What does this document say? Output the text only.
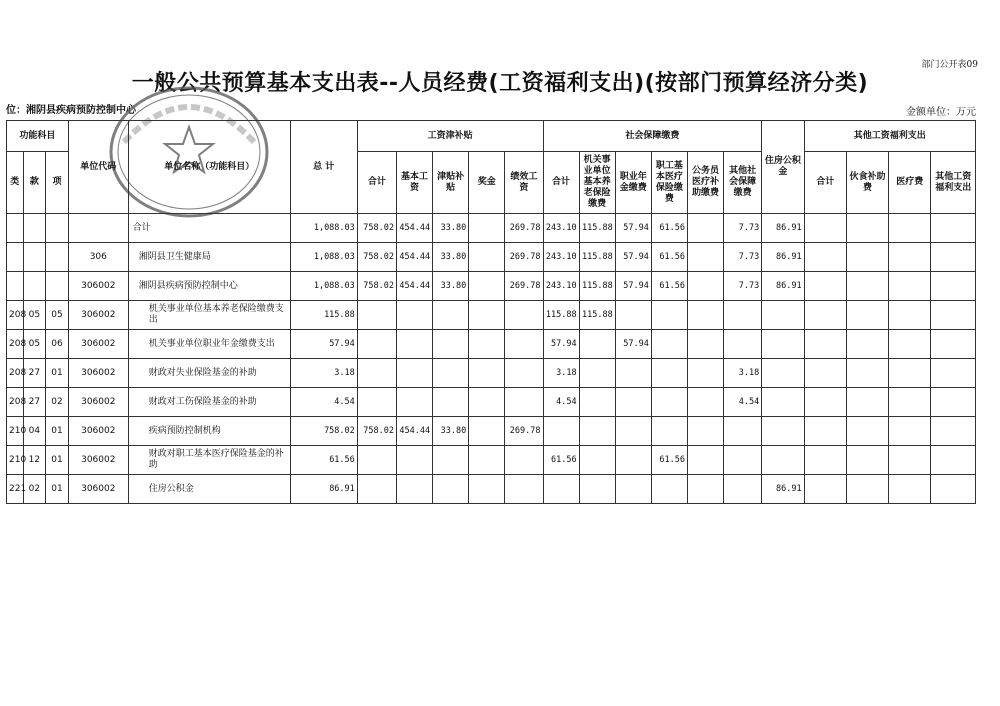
部门公开表09
一般公共预算基本支出表--人员经费(工资福利支出)(按部门预算经济分类)
位：湘阴县疾病预防控制中心	金额单位：万元
功能科目			单位代码	单位名称（功能科目）	总 计	工资津补贴					社会保障缴费						住房公积金	其他工资福利支出			
类	款	项				合计	基本工资	津贴补贴	奖金	绩效工资	合计	机关事业单位基本养老保险缴费	职业年金缴费	职工基本医疗保险缴费	公务员医疗补助缴费	其他社会保障缴费		合计	伙食补助费	医疗费	其他工资福利支出
				合计	1,088.03	758.02	454.44	33.80		269.78	243.10	115.88	57.94	61.56		7.73	86.91				
			306	湘阴县卫生健康局	1,088.03	758.02	454.44	33.80		269.78	243.10	115.88	57.94	61.56		7.73	86.91				
			306002	湘阴县疾病预防控制中心	1,088.03	758.02	454.44	33.80		269.78	243.10	115.88	57.94	61.56		7.73	86.91				
208	05	05	306002	机关事业单位基本养老保险缴费支出	115.88						115.88	115.88									
208	05	06	306002	机关事业单位职业年金缴费支出	57.94						57.94		57.94								
208	27	01	306002	财政对失业保险基金的补助	3.18						3.18					3.18					
208	27	02	306002	财政对工伤保险基金的补助	4.54						4.54					4.54					
210	04	01	306002	疾病预防控制机构	758.02	758.02	454.44	33.80		269.78											
210	12	01	306002	财政对职工基本医疗保险基金的补助	61.56						61.56			61.56							
221	02	01	306002	住房公积金	86.91												86.91				
